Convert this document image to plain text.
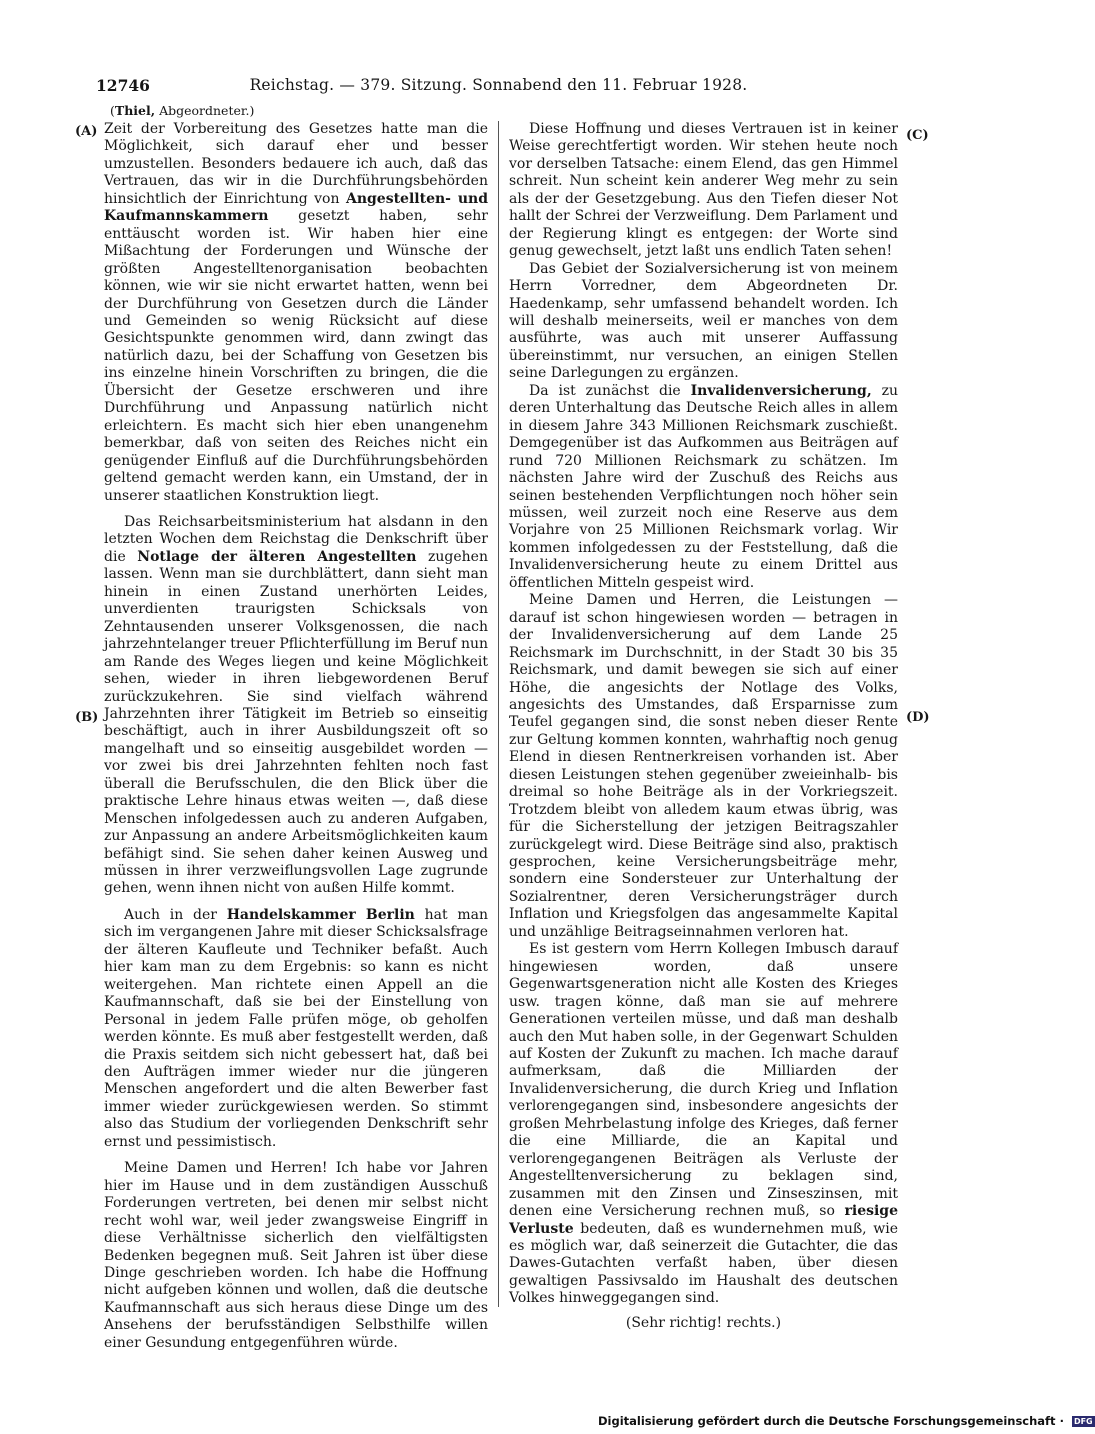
12746	Reichstag. — 379. Sitzung. Sonnabend den 11. Februar 1928.
(Thiel, Abgeordneter.)
(A)
(B)
(C)
(D)

Zeit der Vorbereitung des Gesetzes hatte man die Möglichkeit, sich darauf eher und besser umzustellen. Besonders bedauere ich auch, daß das Vertrauen, das wir in die Durchführungsbehörden hinsichtlich der Einrichtung von Angestellten- und Kaufmannskammern gesetzt haben, sehr enttäuscht worden ist. Wir haben hier eine Mißachtung der Forderungen und Wünsche der größten Angestelltenorganisation beobachten können, wie wir sie nicht erwartet hatten, wenn bei der Durchführung von Gesetzen durch die Länder und Gemeinden so wenig Rücksicht auf diese Gesichtspunkte genommen wird, dann zwingt das natürlich dazu, bei der Schaffung von Gesetzen bis ins einzelne hinein Vorschriften zu bringen, die die Übersicht der Gesetze erschweren und ihre Durchführung und Anpassung natürlich nicht erleichtern. Es macht sich hier eben unangenehm bemerkbar, daß von seiten des Reiches nicht ein genügender Einfluß auf die Durchführungsbehörden geltend gemacht werden kann, ein Umstand, der in unserer staatlichen Konstruktion liegt.

Das Reichsarbeitsministerium hat alsdann in den letzten Wochen dem Reichstag die Denkschrift über die Notlage der älteren Angestellten zugehen lassen. Wenn man sie durchblättert, dann sieht man hinein in einen Zustand unerhörten Leides, unverdienten traurigsten Schicksals von Zehntausenden unserer Volksgenossen, die nach jahrzehntelanger treuer Pflichterfüllung im Beruf nun am Rande des Weges liegen und keine Möglichkeit sehen, wieder in ihren liebgewordenen Beruf zurückzukehren. Sie sind vielfach während Jahrzehnten ihrer Tätigkeit im Betrieb so einseitig beschäftigt, auch in ihrer Ausbildungszeit oft so mangelhaft und so einseitig ausgebildet worden — vor zwei bis drei Jahrzehnten fehlten noch fast überall die Berufsschulen, die den Blick über die praktische Lehre hinaus etwas weiten —, daß diese Menschen infolgedessen auch zu anderen Aufgaben, zur Anpassung an andere Arbeitsmöglichkeiten kaum befähigt sind. Sie sehen daher keinen Ausweg und müssen in ihrer verzweiflungsvollen Lage zugrunde gehen, wenn ihnen nicht von außen Hilfe kommt.

Auch in der Handelskammer Berlin hat man sich im vergangenen Jahre mit dieser Schicksalsfrage der älteren Kaufleute und Techniker befaßt. Auch hier kam man zu dem Ergebnis: so kann es nicht weitergehen. Man richtete einen Appell an die Kaufmannschaft, daß sie bei der Einstellung von Personal in jedem Falle prüfen möge, ob geholfen werden könnte. Es muß aber festgestellt werden, daß die Praxis seitdem sich nicht gebessert hat, daß bei den Aufträgen immer wieder nur die jüngeren Menschen angefordert und die alten Bewerber fast immer wieder zurückgewiesen werden. So stimmt also das Studium der vorliegenden Denkschrift sehr ernst und pessimistisch.

Meine Damen und Herren! Ich habe vor Jahren hier im Hause und in dem zuständigen Ausschuß Forderungen vertreten, bei denen mir selbst nicht recht wohl war, weil jeder zwangsweise Eingriff in diese Verhältnisse sicherlich den vielfältigsten Bedenken begegnen muß. Seit Jahren ist über diese Dinge geschrieben worden. Ich habe die Hoffnung nicht aufgeben können und wollen, daß die deutsche Kaufmannschaft aus sich heraus diese Dinge um des Ansehens der berufsständigen Selbsthilfe willen einer Gesundung entgegenführen würde.

Diese Hoffnung und dieses Vertrauen ist in keiner Weise gerechtfertigt worden. Wir stehen heute noch vor derselben Tatsache: einem Elend, das gen Himmel schreit. Nun scheint kein anderer Weg mehr zu sein als der der Gesetzgebung. Aus den Tiefen dieser Not hallt der Schrei der Verzweiflung. Dem Parlament und der Regierung klingt es entgegen: der Worte sind genug gewechselt, jetzt laßt uns endlich Taten sehen!

Das Gebiet der Sozialversicherung ist von meinem Herrn Vorredner, dem Abgeordneten Dr. Haedenkamp, sehr umfassend behandelt worden. Ich will deshalb meinerseits, weil er manches von dem ausführte, was auch mit unserer Auffassung übereinstimmt, nur versuchen, an einigen Stellen seine Darlegungen zu ergänzen.

Da ist zunächst die Invalidenversicherung, zu deren Unterhaltung das Deutsche Reich alles in allem in diesem Jahre 343 Millionen Reichsmark zuschießt. Demgegenüber ist das Aufkommen aus Beiträgen auf rund 720 Millionen Reichsmark zu schätzen. Im nächsten Jahre wird der Zuschuß des Reichs aus seinen bestehenden Verpflichtungen noch höher sein müssen, weil zurzeit noch eine Reserve aus dem Vorjahre von 25 Millionen Reichsmark vorlag. Wir kommen infolgedessen zu der Feststellung, daß die Invalidenversicherung heute zu einem Drittel aus öffentlichen Mitteln gespeist wird.

Meine Damen und Herren, die Leistungen — darauf ist schon hingewiesen worden — betragen in der Invalidenversicherung auf dem Lande 25 Reichsmark im Durchschnitt, in der Stadt 30 bis 35 Reichsmark, und damit bewegen sie sich auf einer Höhe, die angesichts der Notlage des Volks, angesichts des Umstandes, daß Ersparnisse zum Teufel gegangen sind, die sonst neben dieser Rente zur Geltung kommen konnten, wahrhaftig noch genug Elend in diesen Rentnerkreisen vorhanden ist. Aber diesen Leistungen stehen gegenüber zweieinhalb- bis dreimal so hohe Beiträge als in der Vorkriegszeit. Trotzdem bleibt von alledem kaum etwas übrig, was für die Sicherstellung der jetzigen Beitragszahler zurückgelegt wird. Diese Beiträge sind also, praktisch gesprochen, keine Versicherungsbeiträge mehr, sondern eine Sondersteuer zur Unterhaltung der Sozialrentner, deren Versicherungsträger durch Inflation und Kriegsfolgen das angesammelte Kapital und unzählige Beitragseinnahmen verloren hat.

Es ist gestern vom Herrn Kollegen Imbusch darauf hingewiesen worden, daß unsere Gegenwartsgeneration nicht alle Kosten des Krieges usw. tragen könne, daß man sie auf mehrere Generationen verteilen müsse, und daß man deshalb auch den Mut haben solle, in der Gegenwart Schulden auf Kosten der Zukunft zu machen. Ich mache darauf aufmerksam, daß die Milliarden der Invalidenversicherung, die durch Krieg und Inflation verlorengegangen sind, insbesondere angesichts der großen Mehrbelastung infolge des Krieges, daß ferner die eine Milliarde, die an Kapital und verlorengegangenen Beiträgen als Verluste der Angestelltenversicherung zu beklagen sind, zusammen mit den Zinsen und Zinseszinsen, mit denen eine Versicherung rechnen muß, so riesige Verluste bedeuten, daß es wundernehmen muß, wie es möglich war, daß seinerzeit die Gutachter, die das Dawes-Gutachten verfaßt haben, über diesen gewaltigen Passivsaldo im Haushalt des deutschen Volkes hinweggegangen sind.

(Sehr richtig! rechts.)

Digitalisierung gefördert durch die Deutsche Forschungsgemeinschaft · DFG
